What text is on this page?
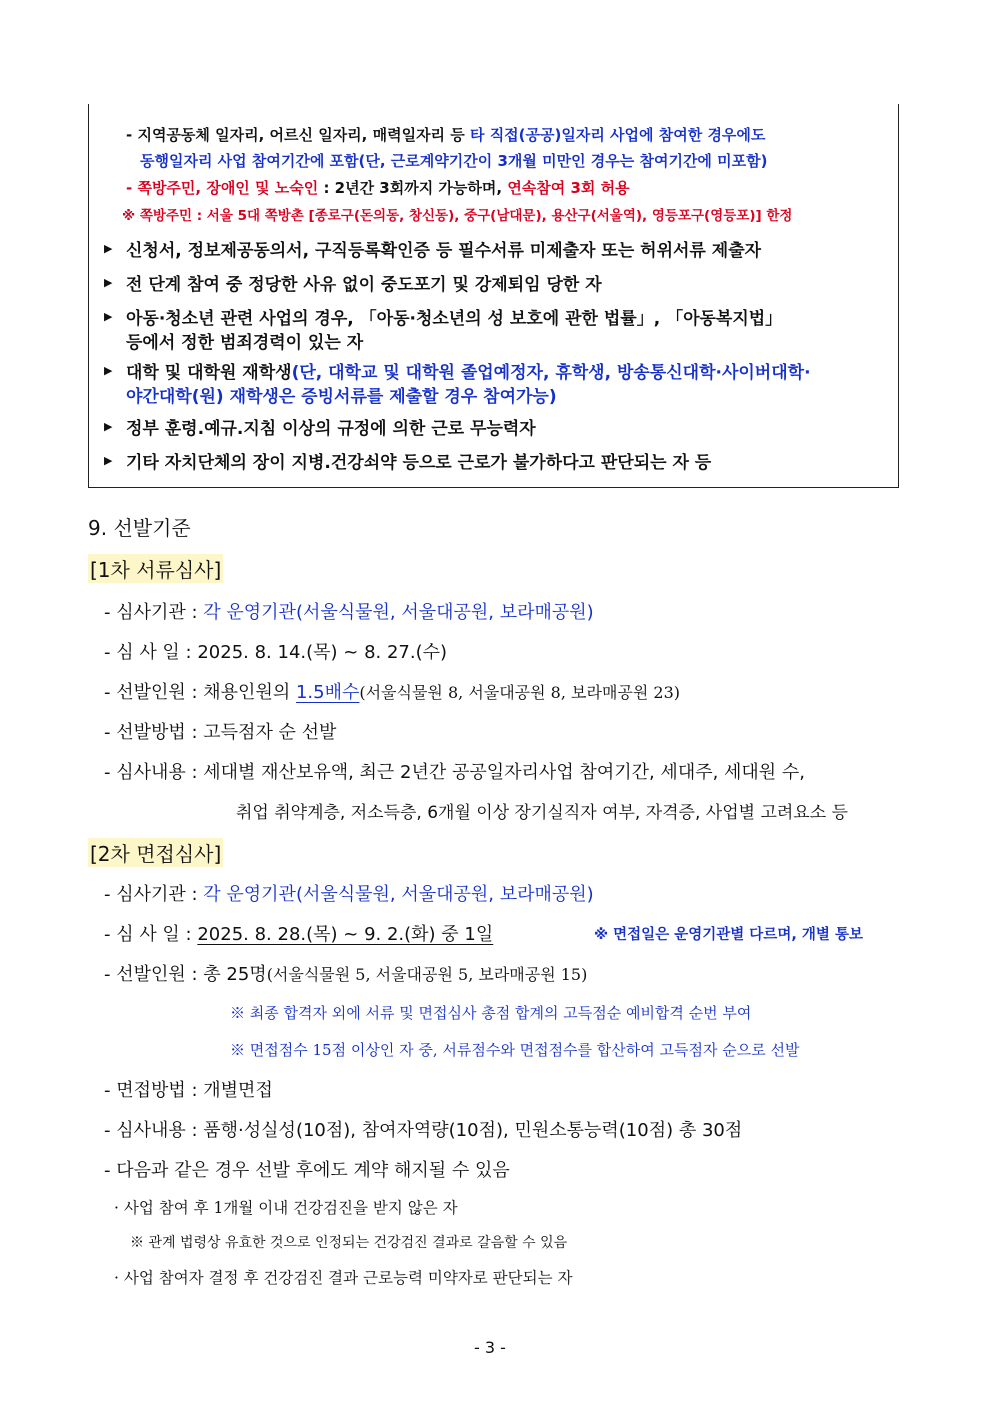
- 지역공동체 일자리, 어르신 일자리, 매력일자리 등 타 직접(공공)일자리 사업에 참여한 경우에도
동행일자리 사업 참여기간에 포함(단, 근로계약기간이 3개월 미만인 경우는 참여기간에 미포함)
- 쪽방주민, 장애인 및 노숙인 : 2년간 3회까지 가능하며, 연속참여 3회 허용
※ 쪽방주민 : 서울 5대 쪽방촌 [종로구(돈의동, 창신동), 중구(남대문), 용산구(서울역), 영등포구(영등포)] 한정
▶ 신청서, 정보제공동의서, 구직등록확인증 등 필수서류 미제출자 또는 허위서류 제출자
▶ 전 단계 참여 중 정당한 사유 없이 중도포기 및 강제퇴임 당한 자
▶ 아동·청소년 관련 사업의 경우, 「아동·청소년의 성 보호에 관한 법률」, 「아동복지법」
등에서 정한 범죄경력이 있는 자
▶ 대학 및 대학원 재학생(단, 대학교 및 대학원 졸업예정자, 휴학생, 방송통신대학·사이버대학·
야간대학(원) 재학생은 증빙서류를 제출할 경우 참여가능)
▶ 정부 훈령.예규.지침 이상의 규정에 의한 근로 무능력자
▶ 기타 자치단체의 장이 지병.건강쇠약 등으로 근로가 불가하다고 판단되는 자 등
9. 선발기준
[1차 서류심사]
- 심사기관 : 각 운영기관(서울식물원, 서울대공원, 보라매공원)
- 심 사 일 : 2025. 8. 14.(목) ~ 8. 27.(수)
- 선발인원 : 채용인원의 1.5배수(서울식물원 8, 서울대공원 8, 보라매공원 23)
- 선발방법 : 고득점자 순 선발
- 심사내용 : 세대별 재산보유액, 최근 2년간 공공일자리사업 참여기간, 세대주, 세대원 수,
취업 취약계층, 저소득층, 6개월 이상 장기실직자 여부, 자격증, 사업별 고려요소 등
[2차 면접심사]
- 심사기관 : 각 운영기관(서울식물원, 서울대공원, 보라매공원)
- 심 사 일 : 2025. 8. 28.(목) ~ 9. 2.(화) 중 1일	※ 면접일은 운영기관별 다르며, 개별 통보
- 선발인원 : 총 25명(서울식물원 5, 서울대공원 5, 보라매공원 15)
※ 최종 합격자 외에 서류 및 면접심사 총점 합계의 고득점순 예비합격 순번 부여
※ 면접점수 15점 이상인 자 중, 서류점수와 면접점수를 합산하여 고득점자 순으로 선발
- 면접방법 : 개별면접
- 심사내용 : 품행·성실성(10점), 참여자역량(10점), 민원소통능력(10점) 총 30점
- 다음과 같은 경우 선발 후에도 계약 해지될 수 있음
· 사업 참여 후 1개월 이내 건강검진을 받지 않은 자
※ 관계 법령상 유효한 것으로 인정되는 건강검진 결과로 갈음할 수 있음
· 사업 참여자 결정 후 건강검진 결과 근로능력 미약자로 판단되는 자
- 3 -
